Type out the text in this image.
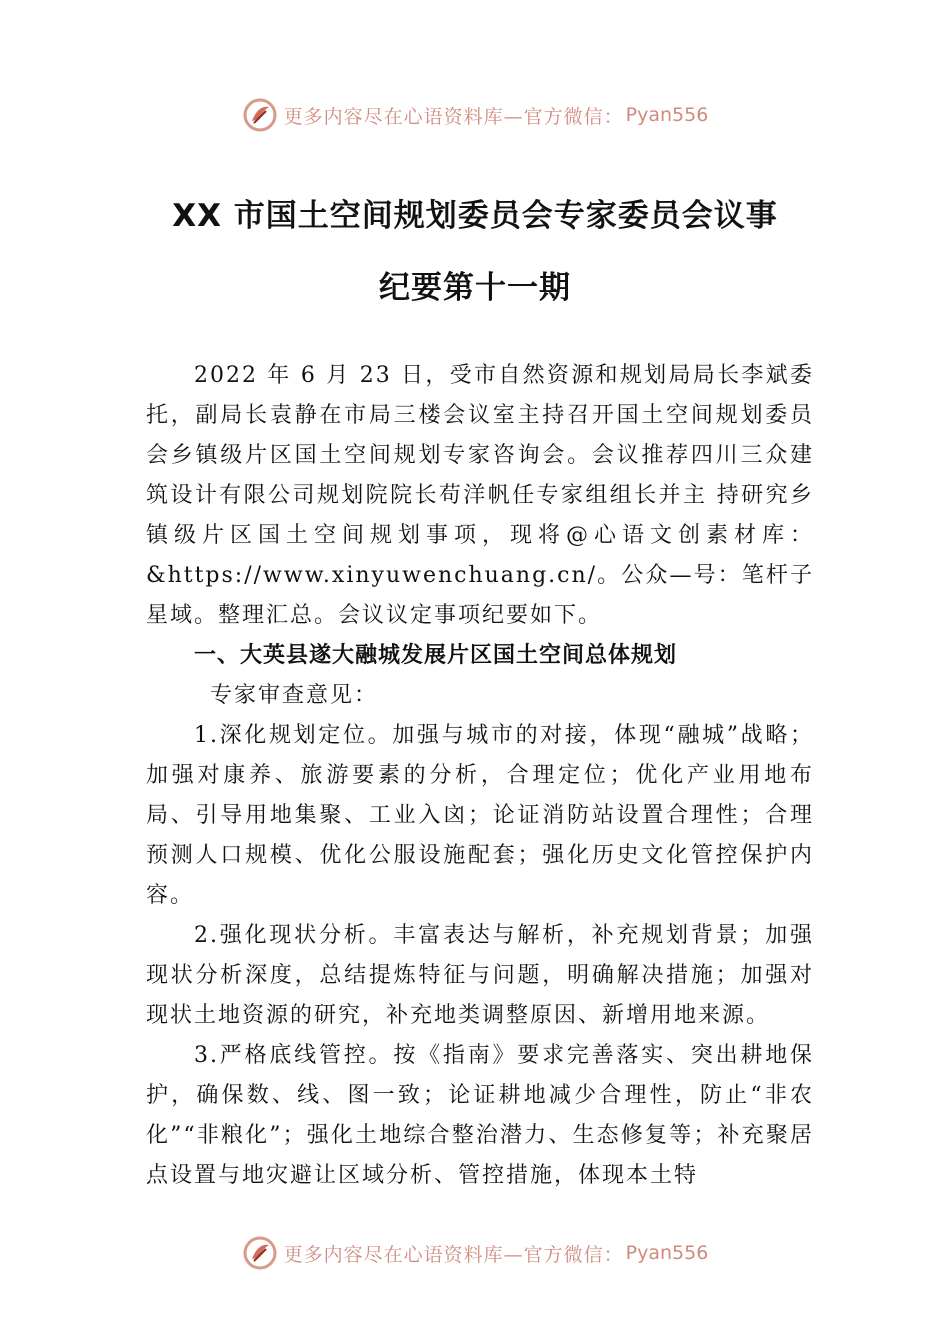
更多内容尽在心语资料库—官方微信： Pyan556
XX 市国土空间规划委员会专家委员会议事
纪要第十一期

2022 年 6 月 23 日，受市自然资源和规划局局长李斌委托，副局长袁静在市局三楼会议室主持召开国土空间规划委员会乡镇级片区国土空间规划专家咨询会。会议推荐四川三众建筑设计有限公司规划院院长苟洋帆任专家组组长并主 持研究乡镇级片区国土空间规划事项，现将@心语文创素材库：&https://www.xinyuwenchuang.cn/。公众—号：笔杆子星域。整理汇总。会议议定事项纪要如下。

一、大英县遂大融城发展片区国土空间总体规划

专家审查意见：

1.深化规划定位。加强与城市的对接，体现“融城”战略；加强对康养、旅游要素的分析，合理定位；优化产业用地布局、引导用地集聚、工业入㓙；论证消防站设置合理性；合理预测人口规模、优化公服设施配套；强化历史文化管控保护内容。

2.强化现状分析。丰富表达与解析，补充规划背景；加强现状分析深度，总结提炼特征与问题，明确解决措施；加强对现状土地资源的研究，补充地类调整原因、新增用地来源。

3.严格底线管控。按《指南》要求完善落实、突出耕地保护，确保数、线、图一致；论证耕地减少合理性，防止“非农化”“非粮化”；强化土地综合整治潜力、生态修复等；补充聚居点设置与地灾避让区域分析、管控措施，体现本土特

更多内容尽在心语资料库—官方微信： Pyan556
